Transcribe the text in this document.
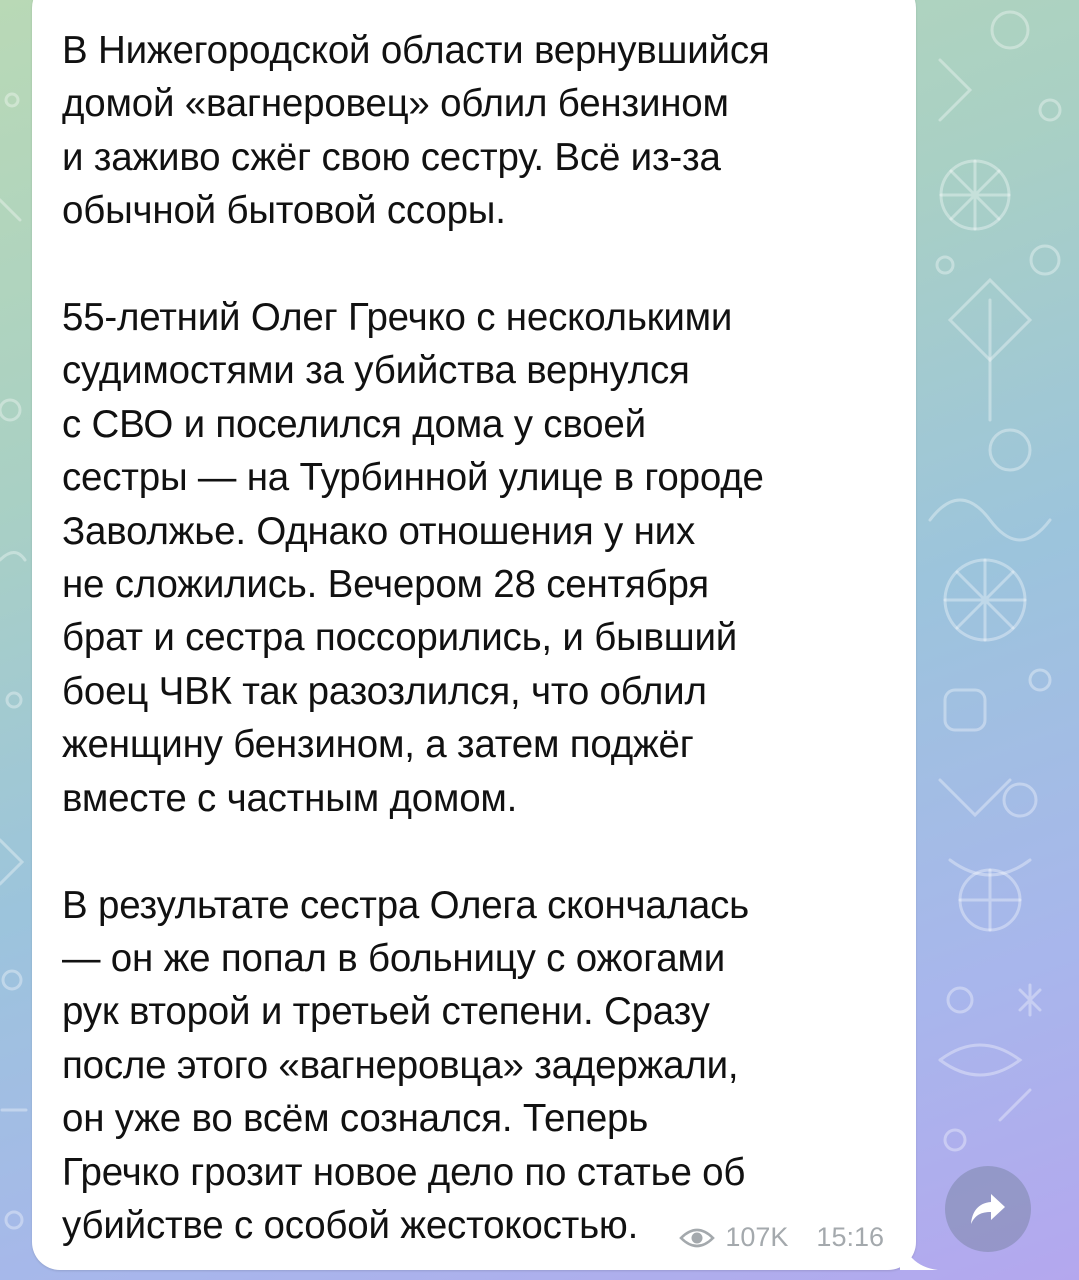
В Нижегородской области вернувшийся
домой «вагнеровец» облил бензином
и заживо сжёг свою сестру. Всё из-за
обычной бытовой ссоры.

55-летний Олег Гречко с несколькими
судимостями за убийства вернулся
с СВО и поселился дома у своей
сестры — на Турбинной улице в городе
Заволжье. Однако отношения у них
не сложились. Вечером 28 сентября
брат и сестра поссорились, и бывший
боец ЧВК так разозлился, что облил
женщину бензином, а затем поджёг
вместе с частным домом.

В результате сестра Олега скончалась
— он же попал в больницу с ожогами
рук второй и третьей степени. Сразу
после этого «вагнеровца» задержали,
он уже во всём сознался. Теперь
Гречко грозит новое дело по статье об
убийстве с особой жестокостью.	107K 15:16
